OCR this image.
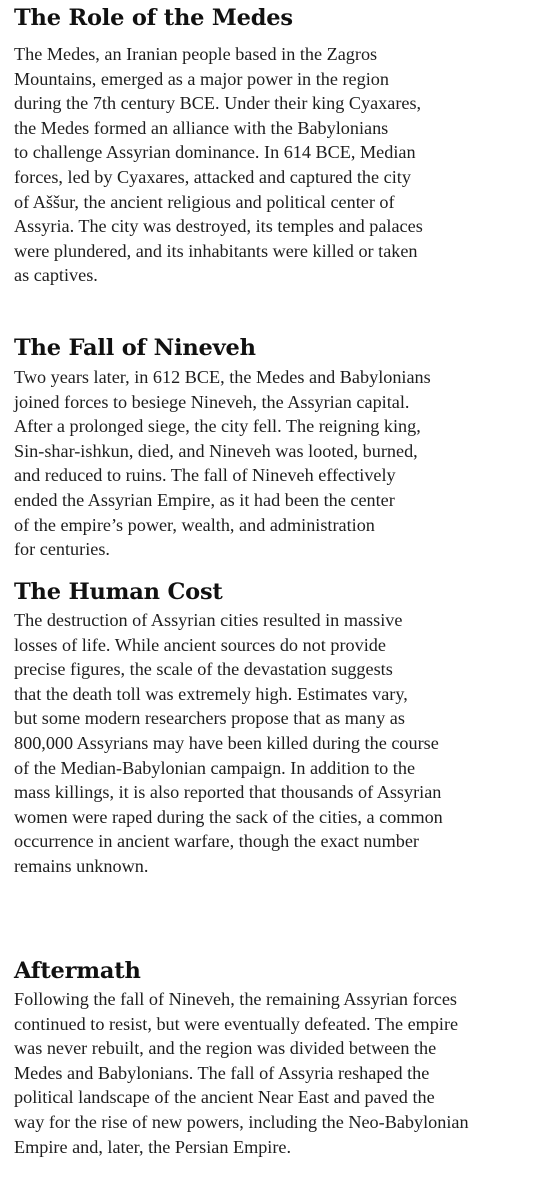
The Role of the Medes

The Medes, an Iranian people based in the Zagros

Mountains, emerged as a major power in the region

during the 7th century BCE. Under their king Cyaxares,

the Medes formed an alliance with the Babylonians

to challenge Assyrian dominance. In 614 BCE, Median

forces, led by Cyaxares, attacked and captured the city

of Aššur, the ancient religious and political center of

Assyria. The city was destroyed, its temples and palaces

were plundered, and its inhabitants were killed or taken

as captives.

The Fall of Nineveh

Two years later, in 612 BCE, the Medes and Babylonians

joined forces to besiege Nineveh, the Assyrian capital.

After a prolonged siege, the city fell. The reigning king,

Sin-shar-ishkun, died, and Nineveh was looted, burned,

and reduced to ruins. The fall of Nineveh effectively

ended the Assyrian Empire, as it had been the center

of the empire’s power, wealth, and administration

for centuries.

The Human Cost

The destruction of Assyrian cities resulted in massive

losses of life. While ancient sources do not provide

precise figures, the scale of the devastation suggests

that the death toll was extremely high. Estimates vary,

but some modern researchers propose that as many as

800,000 Assyrians may have been killed during the course

of the Median-Babylonian campaign. In addition to the

mass killings, it is also reported that thousands of Assyrian

women were raped during the sack of the cities, a common

occurrence in ancient warfare, though the exact number

remains unknown.

Aftermath

Following the fall of Nineveh, the remaining Assyrian forces

continued to resist, but were eventually defeated. The empire

was never rebuilt, and the region was divided between the

Medes and Babylonians. The fall of Assyria reshaped the

political landscape of the ancient Near East and paved the

way for the rise of new powers, including the Neo-Babylonian

Empire and, later, the Persian Empire.
